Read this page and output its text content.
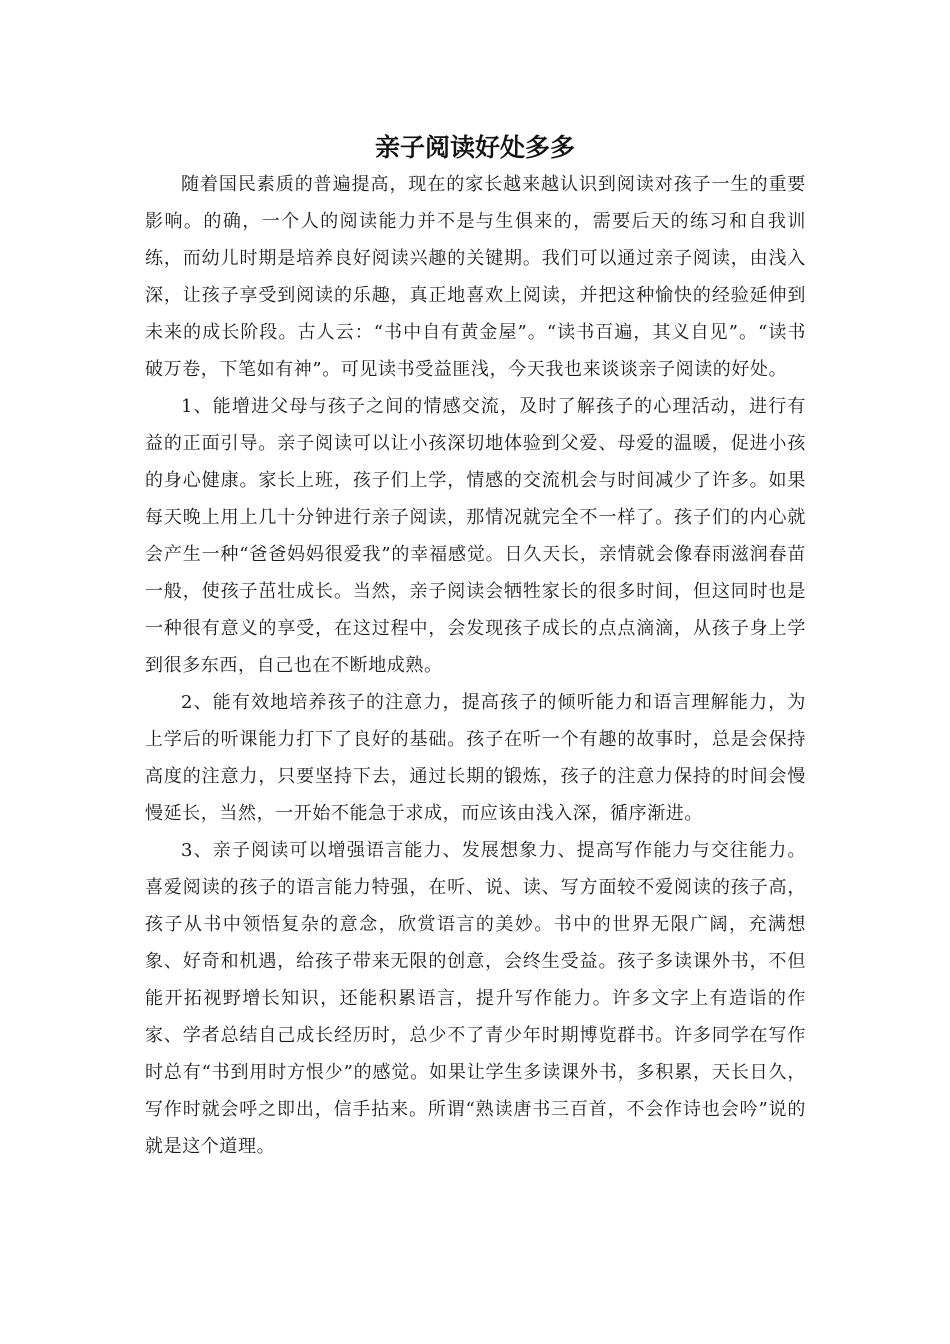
亲子阅读好处多多

随着国民素质的普遍提高，现在的家长越来越认识到阅读对孩子一生的重要影响。的确，一个人的阅读能力并不是与生俱来的，需要后天的练习和自我训练，而幼儿时期是培养良好阅读兴趣的关键期。我们可以通过亲子阅读，由浅入深，让孩子享受到阅读的乐趣，真正地喜欢上阅读，并把这种愉快的经验延伸到未来的成长阶段。古人云：“书中自有黄金屋”。“读书百遍，其义自见”。“读书破万卷，下笔如有神”。可见读书受益匪浅，今天我也来谈谈亲子阅读的好处。

1、能增进父母与孩子之间的情感交流，及时了解孩子的心理活动，进行有益的正面引导。亲子阅读可以让小孩深切地体验到父爱、母爱的温暖，促进小孩的身心健康。家长上班，孩子们上学，情感的交流机会与时间减少了许多。如果每天晚上用上几十分钟进行亲子阅读，那情况就完全不一样了。孩子们的内心就会产生一种“爸爸妈妈很爱我”的幸福感觉。日久天长，亲情就会像春雨滋润春苗一般，使孩子茁壮成长。当然，亲子阅读会牺牲家长的很多时间，但这同时也是一种很有意义的享受，在这过程中，会发现孩子成长的点点滴滴，从孩子身上学到很多东西，自己也在不断地成熟。

2、能有效地培养孩子的注意力，提高孩子的倾听能力和语言理解能力，为上学后的听课能力打下了良好的基础。孩子在听一个有趣的故事时，总是会保持高度的注意力，只要坚持下去，通过长期的锻炼，孩子的注意力保持的时间会慢慢延长，当然，一开始不能急于求成，而应该由浅入深，循序渐进。

3、亲子阅读可以增强语言能力、发展想象力、提高写作能力与交往能力。喜爱阅读的孩子的语言能力特强，在听、说、读、写方面较不爱阅读的孩子高，孩子从书中领悟复杂的意念，欣赏语言的美妙。书中的世界无限广阔，充满想象、好奇和机遇，给孩子带来无限的创意，会终生受益。孩子多读课外书，不但能开拓视野增长知识，还能积累语言，提升写作能力。许多文字上有造诣的作家、学者总结自己成长经历时，总少不了青少年时期博览群书。许多同学在写作时总有“书到用时方恨少”的感觉。如果让学生多读课外书，多积累，天长日久，写作时就会呼之即出，信手拈来。所谓“熟读唐书三百首，不会作诗也会吟”说的就是这个道理。
